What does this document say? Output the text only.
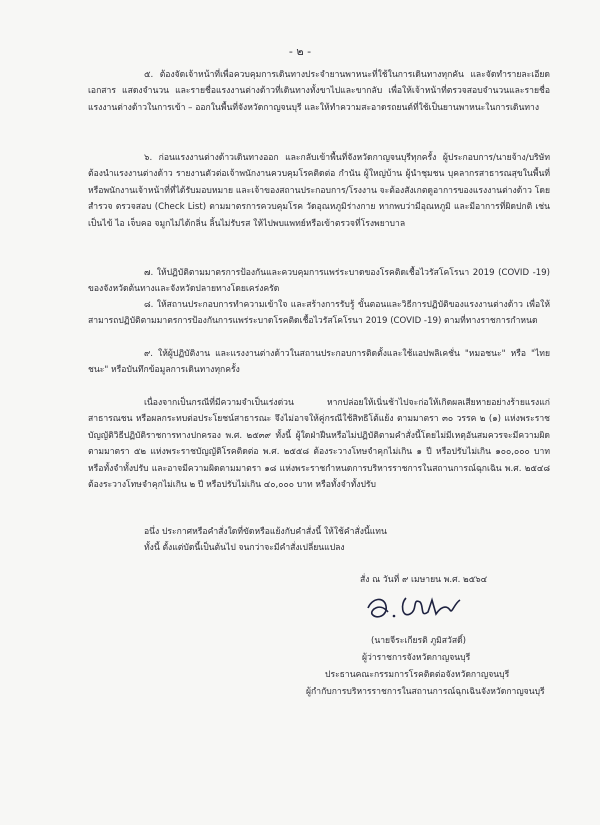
- ๒ -

๕. ต้องจัดเจ้าหน้าที่เพื่อควบคุมการเดินทางประจำยานพาหนะที่ใช้ในการเดินทางทุกคัน และจัดทำรายละเอียดเอกสาร แสดงจำนวน และรายชื่อแรงงานต่างด้าวที่เดินทางทั้งขาไปและขากลับ เพื่อให้เจ้าหน้าที่ตรวจสอบจำนวนและรายชื่อแรงงานต่างด้าวในการเข้า – ออกในพื้นที่จังหวัดกาญจนบุรี และให้ทำความสะอาดรถยนต์ที่ใช้เป็นยานพาหนะในการเดินทาง

๖. ก่อนแรงงานต่างด้าวเดินทางออก และกลับเข้าพื้นที่จังหวัดกาญจนบุรีทุกครั้ง ผู้ประกอบการ/นายจ้าง/บริษัท ต้องนำแรงงานต่างด้าว รายงานตัวต่อเจ้าพนักงานควบคุมโรคติดต่อ กำนัน ผู้ใหญ่บ้าน ผู้นำชุมชน บุคลากรสาธารณสุขในพื้นที่ หรือพนักงานเจ้าหน้าที่ที่ได้รับมอบหมาย และเจ้าของสถานประกอบการ/โรงงาน จะต้องสังเกตดูอาการของแรงงานต่างด้าว โดยสำรวจ ตรวจสอบ (Check List) ตามมาตรการควบคุมโรค วัดอุณหภูมิร่างกาย หากพบว่ามีอุณหภูมิ และมีอาการที่ผิดปกติ เช่น เป็นไข้ ไอ เจ็บคอ จมูกไม่ได้กลิ่น ลิ้นไม่รับรส ให้ไปพบแพทย์หรือเข้าตรวจที่โรงพยาบาล

๗. ให้ปฏิบัติตามมาตรการป้องกันและควบคุมการแพร่ระบาดของโรคติดเชื้อไวรัสโคโรนา 2019 (COVID -19) ของจังหวัดต้นทางและจังหวัดปลายทางโดยเคร่งครัด

๘. ให้สถานประกอบการทำความเข้าใจ และสร้างการรับรู้ ขั้นตอนและวิธีการปฏิบัติของแรงงานต่างด้าว เพื่อให้สามารถปฏิบัติตามมาตรการป้องกันการแพร่ระบาดโรคติดเชื้อไวรัสโคโรนา 2019 (COVID -19) ตามที่ทางราชการกำหนด

๙. ให้ผู้ปฏิบัติงาน และแรงงานต่างด้าวในสถานประกอบการติดตั้งและใช้แอปพลิเคชั่น "หมอชนะ" หรือ "ไทยชนะ" หรือบันทึกข้อมูลการเดินทางทุกครั้ง

เนื่องจากเป็นกรณีที่มีความจำเป็นเร่งด่วน หากปล่อยให้เนิ่นช้าไปจะก่อให้เกิดผลเสียหายอย่างร้ายแรงแก่สาธารณชน หรือผลกระทบต่อประโยชน์สาธารณะ จึงไม่อาจให้คู่กรณีใช้สิทธิโต้แย้ง ตามมาตรา ๓๐ วรรค ๒ (๑) แห่งพระราชบัญญัติวิธีปฏิบัติราชการทางปกครอง พ.ศ. ๒๕๓๙ ทั้งนี้ ผู้ใดฝ่าฝืนหรือไม่ปฏิบัติตามคำสั่งนี้โดยไม่มีเหตุอันสมควรจะมีความผิดตามมาตรา ๕๒ แห่งพระราชบัญญัติโรคติดต่อ พ.ศ. ๒๕๕๘ ต้องระวางโทษจำคุกไม่เกิน ๑ ปี หรือปรับไม่เกิน ๑๐๐,๐๐๐ บาท หรือทั้งจำทั้งปรับ และอาจมีความผิดตามมาตรา ๑๘ แห่งพระราชกำหนดการบริหารราชการในสถานการณ์ฉุกเฉิน พ.ศ. ๒๕๔๘ ต้องระวางโทษจำคุกไม่เกิน ๒ ปี หรือปรับไม่เกิน ๔๐,๐๐๐ บาท หรือทั้งจำทั้งปรับ

อนึ่ง ประกาศหรือคำสั่งใดที่ขัดหรือแย้งกับคำสั่งนี้ ให้ใช้คำสั่งนี้แทน
ทั้งนี้ ตั้งแต่บัดนี้เป็นต้นไป จนกว่าจะมีคำสั่งเปลี่ยนแปลง
สั่ง ณ วันที่ ๙ เมษายน พ.ศ. ๒๕๖๔
จ. ภูมิ
(นายจีระเกียรติ ภูมิสวัสดิ์)
ผู้ว่าราชการจังหวัดกาญจนบุรี
ประธานคณะกรรมการโรคติดต่อจังหวัดกาญจนบุรี
ผู้กำกับการบริหารราชการในสถานการณ์ฉุกเฉินจังหวัดกาญจนบุรี
